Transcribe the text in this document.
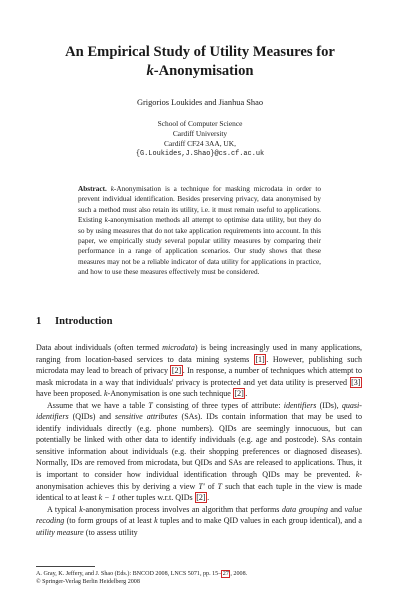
An Empirical Study of Utility Measures for
k-Anonymisation
Grigorios Loukides and Jianhua Shao
School of Computer Science
Cardiff University
Cardiff CF24 3AA, UK,
{G.Loukides,J.Shao}@cs.cf.ac.uk
Abstract. k-Anonymisation is a technique for masking microdata in order to prevent individual identification. Besides preserving privacy, data anonymised by such a method must also retain its utility, i.e. it must remain useful to applications. Existing k-anonymisation methods all attempt to optimise data utility, but they do so by using measures that do not take application requirements into account. In this paper, we empirically study several popular utility measures by comparing their performance in a range of application scenarios. Our study shows that these measures may not be a reliable indicator of data utility for applications in practice, and how to use these measures effectively must be considered.
1 Introduction

Data about individuals (often termed microdata) is being increasingly used in many applications, ranging from location-based services to data mining systems [1] . However, publishing such microdata may lead to breach of privacy [2] . In response, a number of techniques which attempt to mask microdata in a way that individuals' privacy is protected and yet data utility is preserved [3] have been proposed. k-Anonymisation is one such technique [2] .

Assume that we have a table T consisting of three types of attribute: identifiers (IDs), quasi-identifiers (QIDs) and sensitive attributes (SAs). IDs contain information that may be used to identify individuals directly (e.g. phone numbers). QIDs are seemingly innocuous, but can potentially be linked with other data to identify individuals (e.g. age and postcode). SAs contain sensitive information about individuals (e.g. their shopping preferences or diagnosed diseases). Normally, IDs are removed from microdata, but QIDs and SAs are released to applications. Thus, it is important to consider how individual identification through QIDs may be prevented. k-anonymisation achieves this by deriving a view T′ of T such that each tuple in the view is made identical to at least k − 1 other tuples w.r.t. QIDs [2] .

A typical k-anonymisation process involves an algorithm that performs data grouping and value recoding (to form groups of at least k tuples and to make QID values in each group identical), and a utility measure (to assess utility

A. Gray, K. Jeffery, and J. Shao (Eds.): BNCOD 2008, LNCS 5071, pp. 15– 27 , 2008.
© Springer-Verlag Berlin Heidelberg 2008
